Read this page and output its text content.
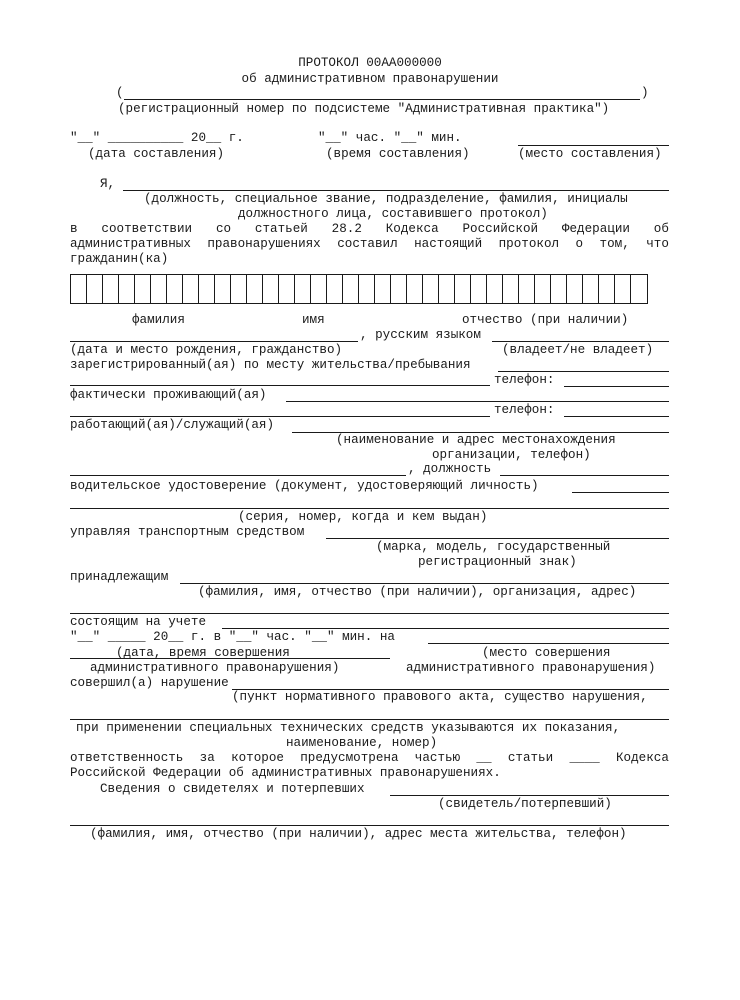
ПРОТОКОЛ 00АА000000
об административном правонарушении
(	)
(регистрационный номер по подсистеме "Административная практика")
"__" __________ 20__ г.	"__" час. "__" мин.
(дата составления)	(время составления)	(место составления)
Я,
(должность, специальное звание, подразделение, фамилия, инициалы
должностного лица, составившего протокол)
в соответствии со статьей 28.2 Кодекса Российской Федерации об
административных правонарушениях составил настоящий протокол о том, что
гражданин(ка)
фамилия	имя	отчество (при наличии)
, русским языком
(дата и место рождения, гражданство)	(владеет/не владеет)
зарегистрированный(ая) по месту жительства/пребывания
телефон:
фактически проживающий(ая)
телефон:
работающий(ая)/служащий(ая)
(наименование и адрес местонахождения
организации, телефон)
, должность
водительское удостоверение (документ, удостоверяющий личность)
(серия, номер, когда и кем выдан)
управляя транспортным средством
(марка, модель, государственный
регистрационный знак)
принадлежащим
(фамилия, имя, отчество (при наличии), организация, адрес)
состоящим на учете
"__" _____ 20__ г. в "__" час. "__" мин. на
(дата, время совершения
административного правонарушения)
(место совершения
административного правонарушения)
совершил(а) нарушение
(пункт нормативного правового акта, существо нарушения,
при применении специальных технических средств указываются их показания,
наименование, номер)
ответственность за которое предусмотрена частью __ статьи ____ Кодекса
Российской Федерации об административных правонарушениях.
Сведения о свидетелях и потерпевших
(свидетель/потерпевший)
(фамилия, имя, отчество (при наличии), адрес места жительства, телефон)
